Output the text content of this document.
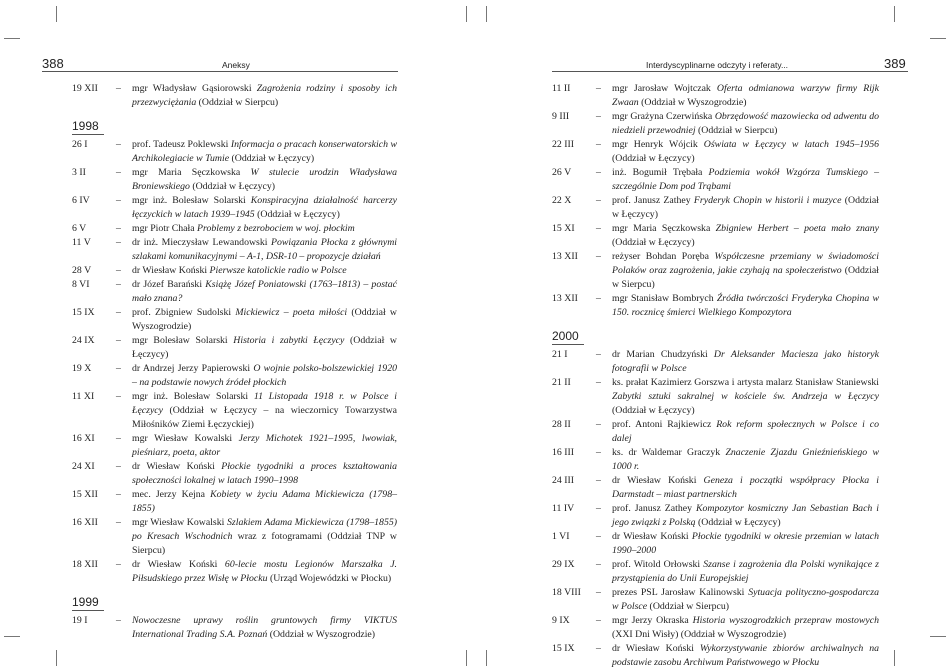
388	Aneksy	Interdyscyplinarne odczyty i referaty...	389
19 XII	–	mgr Władysław Gąsiorowski Zagrożenia rodziny i sposoby ich przezwyciężania (Oddział w Sierpcu)
1998
26 I	–	prof. Tadeusz Poklewski Informacja o pracach konserwatorskich w Archikolegiacie w Tumie (Oddział w Łęczycy)
3 II	–	mgr Maria Sęczkowska W stulecie urodzin Władysława Broniewskiego (Oddział w Łęczycy)
6 IV	–	mgr inż. Bolesław Solarski Konspiracyjna działalność harcerzy łęczyckich w latach 1939–1945 (Oddział w Łęczycy)
6 V	–	mgr Piotr Chała Problemy z bezrobociem w woj. płockim
11 V	–	dr inż. Mieczysław Lewandowski Powiązania Płocka z głównymi szlakami komunikacyjnymi – A-1, DSR-10 – propozycje działań
28 V	–	dr Wiesław Koński Pierwsze katolickie radio w Polsce
8 VI	–	dr Józef Barański Książę Józef Poniatowski (1763–1813) – postać mało znana?
15 IX	–	prof. Zbigniew Sudolski Mickiewicz – poeta miłości (Oddział w Wyszogrodzie)
24 IX	–	mgr Bolesław Solarski Historia i zabytki Łęczycy (Oddział w Łęczycy)
19 X	–	dr Andrzej Jerzy Papierowski O wojnie polsko-bolszewickiej 1920 – na podstawie nowych źródeł płockich
11 XI	–	mgr inż. Bolesław Solarski 11 Listopada 1918 r. w Polsce i Łęczycy (Oddział w Łęczycy – na wieczornicy Towarzystwa Miłośników Ziemi Łęczyckiej)
16 XI	–	mgr Wiesław Kowalski Jerzy Michotek 1921–1995, lwowiak, pieśniarz, poeta, aktor
24 XI	–	dr Wiesław Koński Płockie tygodniki a proces kształtowania społeczności lokalnej w latach 1990–1998
15 XII	–	mec. Jerzy Kejna Kobiety w życiu Adama Mickiewicza (1798–1855)
16 XII	–	mgr Wiesław Kowalski Szlakiem Adama Mickiewicza (1798–1855) po Kresach Wschodnich wraz z fotogramami (Oddział TNP w Sierpcu)
18 XII	–	dr Wiesław Koński 60-lecie mostu Legionów Marszałka J. Piłsudskiego przez Wisłę w Płocku (Urząd Wojewódzki w Płocku)
1999
19 I	–	Nowoczesne uprawy roślin gruntowych firmy VIKTUS International Trading S.A. Poznań (Oddział w Wyszogrodzie)
11 II	–	mgr Jarosław Wojtczak Oferta odmianowa warzyw firmy Rijk Zwaan (Oddział w Wyszogrodzie)
9 III	–	mgr Grażyna Czerwińska Obrzędowość mazowiecka od adwentu do niedzieli przewodniej (Oddział w Sierpcu)
22 III	–	mgr Henryk Wójcik Oświata w Łęczycy w latach 1945–1956 (Oddział w Łęczycy)
26 V	–	inż. Bogumił Trębała Podziemia wokół Wzgórza Tumskiego – szczególnie Dom pod Trąbami
22 X	–	prof. Janusz Zathey Fryderyk Chopin w historii i muzyce (Oddział w Łęczycy)
15 XI	–	mgr Maria Sęczkowska Zbigniew Herbert – poeta mało znany (Oddział w Łęczycy)
13 XII	–	reżyser Bohdan Poręba Współczesne przemiany w świadomości Polaków oraz zagrożenia, jakie czyhają na społeczeństwo (Oddział w Sierpcu)
13 XII	–	mgr Stanisław Bombrych Źródła twórczości Fryderyka Chopina w 150. rocznicę śmierci Wielkiego Kompozytora
2000
21 I	–	dr Marian Chudzyński Dr Aleksander Maciesza jako historyk fotografii w Polsce
21 II	–	ks. prałat Kazimierz Gorszwa i artysta malarz Stanisław Staniewski Zabytki sztuki sakralnej w kościele św. Andrzeja w Łęczycy (Oddział w Łęczycy)
28 II	–	prof. Antoni Rajkiewicz Rok reform społecznych w Polsce i co dalej
16 III	–	ks. dr Waldemar Graczyk Znaczenie Zjazdu Gnieźnieńskiego w 1000 r.
24 III	–	dr Wiesław Koński Geneza i początki współpracy Płocka i Darmstadt – miast partnerskich
11 IV	–	prof. Janusz Zathey Kompozytor kosmiczny Jan Sebastian Bach i jego związki z Polską (Oddział w Łęczycy)
1 VI	–	dr Wiesław Koński Płockie tygodniki w okresie przemian w latach 1990–2000
29 IX	–	prof. Witold Orłowski Szanse i zagrożenia dla Polski wynikające z przystąpienia do Unii Europejskiej
18 VIII	–	prezes PSL Jarosław Kalinowski Sytuacja polityczno-gospodarcza w Polsce (Oddział w Sierpcu)
9 IX	–	mgr Jerzy Okraska Historia wyszogrodzkich przepraw mostowych (XXI Dni Wisły) (Oddział w Wyszogrodzie)
15 IX	–	dr Wiesław Koński Wykorzystywanie zbiorów archiwalnych na podstawie zasobu Archiwum Państwowego w Płocku
